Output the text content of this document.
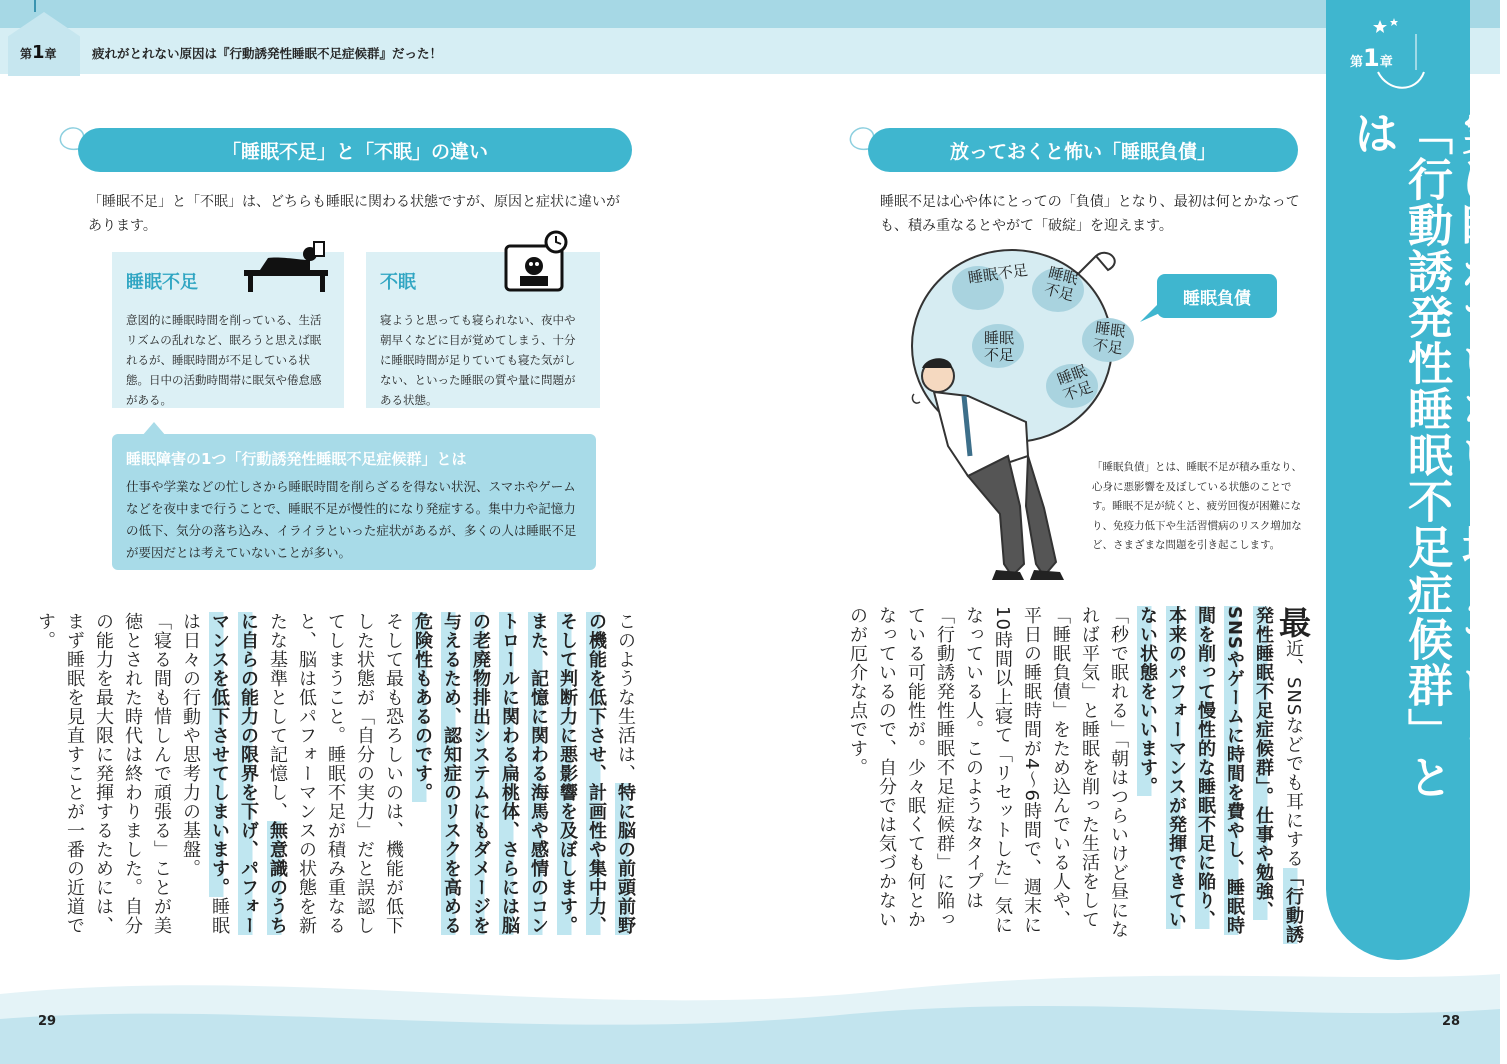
第1章	疲れがとれない原因は『行動誘発性睡眠不足症候群』だった！
29	28
「睡眠不足」と「不眠」の違い
「睡眠不足」と「不眠」は、どちらも睡眠に関わる状態ですが、原因と症状に違いがあります。
睡眠不足

意図的に睡眠時間を削っている、生活リズムの乱れなど、眠ろうと思えば眠れるが、睡眠時間が不足している状態。日中の活動時間帯に眠気や倦怠感がある。

不眠

寝ようと思っても寝られない、夜中や朝早くなどに目が覚めてしまう、十分に睡眠時間が足りていても寝た気がしない、といった睡眠の質や量に問題がある状態。

睡眠障害の1つ「行動誘発性睡眠不足症候群」とは

仕事や学業などの忙しさから睡眠時間を削らざるを得ない状況、スマホやゲームなどを夜中まで行うことで、睡眠不足が慢性的になり発症する。集中力や記憶力の低下、気分の落ち込み、イライラといった症状があるが、多くの人は睡眠不足が要因だとは考えていないことが多い。

このような生活は、特に脳の前頭前野の機能を低下させ、計画性や集中力、そして判断力に悪影響を及ぼします。また、記憶に関わる海馬や感情のコントロールに関わる扁桃体、さらには脳の老廃物排出システムにもダメージを与えるため、認知症のリスクを高める危険性もあるのです。
そして最も恐ろしいのは、機能が低下した状態が「自分の実力」だと誤認してしまうこと。睡眠不足が積み重なると、脳は低パフォーマンスの状態を新たな基準として記憶し、無意識のうちに自らの能力の限界を下げ、パフォーマンスを低下させてしまいます。睡眠は日々の行動や思考力の基盤。
「寝る間も惜しんで頑張る」ことが美徳とされた時代は終わりました。自分の能力を最大限に発揮するためには、まず睡眠を見直すことが一番の近道です。
放っておくと怖い「睡眠負債」
睡眠不足は心や体にとっての「負債」となり、最初は何とかなっても、積み重なるとやがて「破綻」を迎えます。
睡眠不足 睡眠不足
睡眠不足
睡眠不足
睡眠不足
睡眠負債
「睡眠負債」とは、睡眠不足が積み重なり、心身に悪影響を及ぼしている状態のことです。睡眠不足が続くと、疲労回復が困難になり、免疫力低下や生活習慣病のリスク増加など、さまざまな問題を引き起こします。
最近、SNSなどでも耳にする「行動誘発性睡眠不足症候群」。仕事や勉強、SNSやゲームに時間を費やし、睡眠時間を削って慢性的な睡眠不足に陥り、本来のパフォーマンスが発揮できていない状態をいいます。
「秒で眠れる」「朝はつらいけど昼になれば平気」と睡眠を削った生活をして「睡眠負債」をため込んでいる人や、平日の睡眠時間が4〜6時間で、週末に10時間以上寝て「リセットした」気になっている人。このようなタイプは「行動誘発性睡眠不足症候群」に陥っている可能性が。少々眠くても何とかなっているので、自分では気づかないのが厄介な点です。
第1章
実は眠れていない？増えている「行動誘発性睡眠不足症候群」とは
